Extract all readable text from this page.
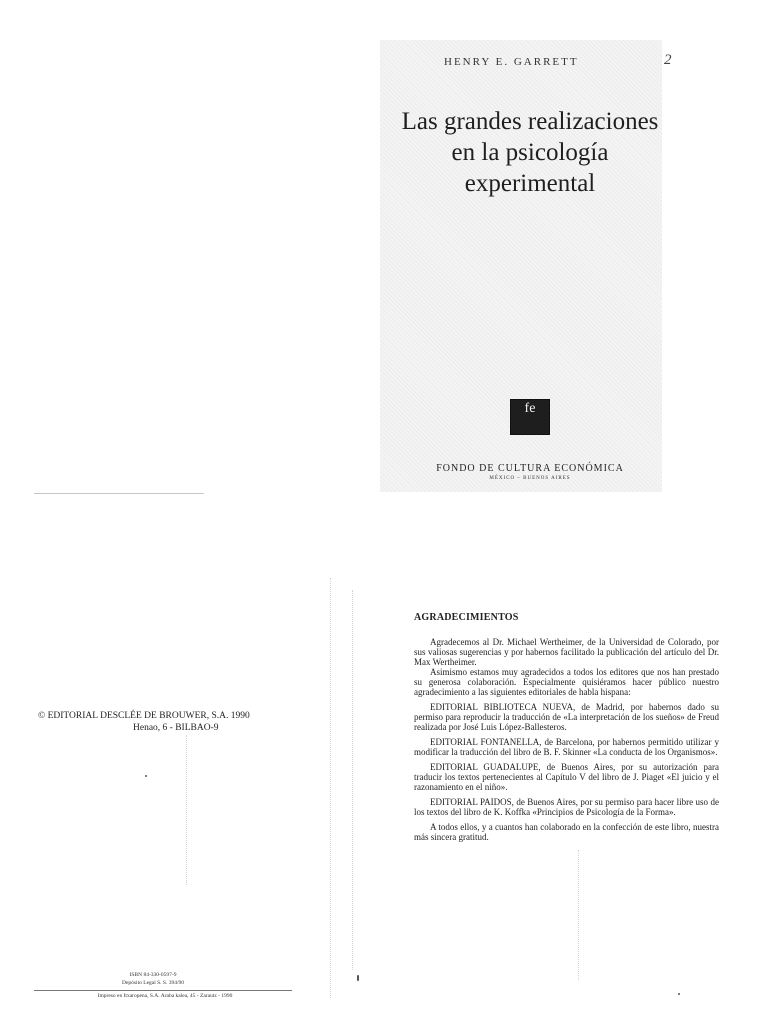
HENRY E. GARRETT	2
Las grandes realizaciones
en la psicología
experimental
fe
FONDO DE CULTURA ECONÓMICA
MÉXICO – BUENOS AIRES
© EDITORIAL DESCLÉE DE BROUWER, S.A. 1990
Henao, 6 - BILBAO-9
ISBN 84-330-0597-9
Depósito Legal S. S. 394/90
Impreso en Itxaropena, S.A. Araba kalea, 45 - Zarautz - 1990
AGRADECIMIENTOS

Agradecemos al Dr. Michael Wertheimer, de la Universidad de Colorado, por sus valiosas sugerencias y por habernos facilitado la publicación del artículo del Dr. Max Wertheimer.

Asimismo estamos muy agradecidos a todos los editores que nos han prestado su generosa colaboración. Especialmente quisiéramos hacer público nuestro agradecimiento a las siguientes editoriales de habla hispana:

EDITORIAL BIBLIOTECA NUEVA, de Madrid, por habernos dado su permiso para reproducir la traducción de «La interpretación de los sueños» de Freud realizada por José Luis López-Ballesteros.

EDITORIAL FONTANELLA, de Barcelona, por habernos permitido utilizar y modificar la traducción del libro de B. F. Skinner «La conducta de los Organismos».

EDITORIAL GUADALUPE, de Buenos Aires, por su autorización para traducir los textos pertenecientes al Capítulo V del libro de J. Piaget «El juicio y el razonamiento en el niño».

EDITORIAL PAIDOS, de Buenos Aires, por su permiso para hacer libre uso de los textos del libro de K. Koffka «Principios de Psicología de la Forma».

A todos ellos, y a cuantos han colaborado en la confección de este libro, nuestra más sincera gratitud.
